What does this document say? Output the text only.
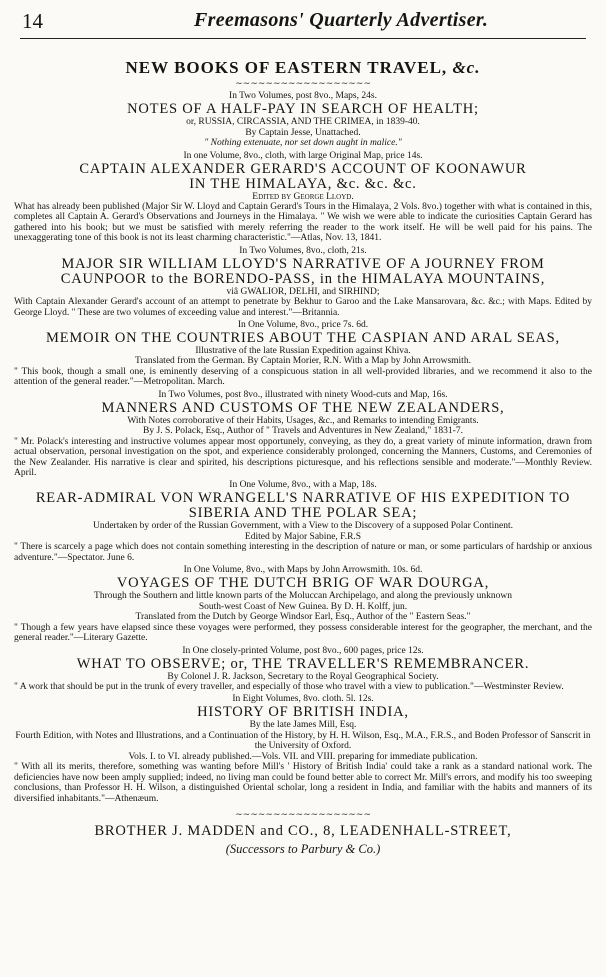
14	Freemasons' Quarterly Advertiser.
NEW BOOKS OF EASTERN TRAVEL, &c.
∼∼∼∼∼∼∼∼∼∼∼∼∼∼∼∼∼∼
In Two Volumes, post 8vo., Maps, 24s.
NOTES OF A HALF-PAY IN SEARCH OF HEALTH;
or, RUSSIA, CIRCASSIA, AND THE CRIMEA, in 1839-40.
By Captain Jesse, Unattached.
" Nothing extenuate, nor set down aught in malice."
In one Volume, 8vo., cloth, with large Original Map, price 14s.
CAPTAIN ALEXANDER GERARD'S ACCOUNT OF KOONAWUR
IN THE HIMALAYA, &c. &c. &c.
Edited by George Lloyd.
What has already been published (Major Sir W. Lloyd and Captain Gerard's Tours in the Himalaya, 2 Vols. 8vo.) together with what is contained in this, completes all Captain A. Gerard's Observations and Journeys in the Himalaya. " We wish we were able to indicate the curiosities Captain Gerard has gathered into his book; but we must be satisfied with merely referring the reader to the work itself. He will be well paid for his pains. The unexaggerating tone of this book is not its least charming characteristic."—Atlas, Nov. 13, 1841.
In Two Volumes, 8vo., cloth, 21s.
MAJOR SIR WILLIAM LLOYD'S NARRATIVE OF A JOURNEY FROM
CAUNPOOR to the BORENDO-PASS, in the HIMALAYA MOUNTAINS,
viâ GWALIOR, DELHI, and SIRHIND;
With Captain Alexander Gerard's account of an attempt to penetrate by Bekhur to Garoo and the Lake Mansarovara, &c. &c.; with Maps. Edited by George Lloyd. " These are two volumes of exceeding value and interest."—Britannia.
In One Volume, 8vo., price 7s. 6d.
MEMOIR ON THE COUNTRIES ABOUT THE CASPIAN AND ARAL SEAS,
Illustrative of the late Russian Expedition against Khiva.
Translated from the German. By Captain Morier, R.N. With a Map by John Arrowsmith.
" This book, though a small one, is eminently deserving of a conspicuous station in all well-provided libraries, and we recommend it also to the attention of the general reader."—Metropolitan. March.
In Two Volumes, post 8vo., illustrated with ninety Wood-cuts and Map, 16s.
MANNERS AND CUSTOMS OF THE NEW ZEALANDERS,
With Notes corroborative of their Habits, Usages, &c., and Remarks to intending Emigrants.
By J. S. Polack, Esq., Author of " Travels and Adventures in New Zealand," 1831-7.
" Mr. Polack's interesting and instructive volumes appear most opportunely, conveying, as they do, a great variety of minute information, drawn from actual observation, personal investigation on the spot, and experience considerably prolonged, concerning the Manners, Customs, and Ceremonies of the New Zealander. His narrative is clear and spirited, his descriptions picturesque, and his reflections sensible and moderate."—Monthly Review. April.
In One Volume, 8vo., with a Map, 18s.
REAR-ADMIRAL VON WRANGELL'S NARRATIVE OF HIS EXPEDITION TO
SIBERIA AND THE POLAR SEA;
Undertaken by order of the Russian Government, with a View to the Discovery of a supposed Polar Continent.
Edited by Major Sabine, F.R.S
" There is scarcely a page which does not contain something interesting in the description of nature or man, or some particulars of hardship or anxious adventure."—Spectator. June 6.
In One Volume, 8vo., with Maps by John Arrowsmith. 10s. 6d.
VOYAGES OF THE DUTCH BRIG OF WAR DOURGA,
Through the Southern and little known parts of the Moluccan Archipelago, and along the previously unknown
South-west Coast of New Guinea. By D. H. Kolff, jun.
Translated from the Dutch by George Windsor Earl, Esq., Author of the " Eastern Seas."
" Though a few years have elapsed since these voyages were performed, they possess considerable interest for the geographer, the merchant, and the general reader."—Literary Gazette.
In One closely-printed Volume, post 8vo., 600 pages, price 12s.
WHAT TO OBSERVE; or, THE TRAVELLER'S REMEMBRANCER.
By Colonel J. R. Jackson, Secretary to the Royal Geographical Society.
" A work that should be put in the trunk of every traveller, and especially of those who travel with a view to publication."—Westminster Review.
In Eight Volumes, 8vo. cloth. 5l. 12s.
HISTORY OF BRITISH INDIA,
By the late James Mill, Esq.
Fourth Edition, with Notes and Illustrations, and a Continuation of the History, by H. H. Wilson, Esq., M.A., F.R.S., and Boden Professor of Sanscrit in the University of Oxford.
Vols. I. to VI. already published.—Vols. VII. and VIII. preparing for immediate publication.
" With all its merits, therefore, something was wanting before Mill's ' History of British India' could take a rank as a standard national work. The deficiencies have now been amply supplied; indeed, no living man could be found better able to correct Mr. Mill's errors, and modify his too sweeping conclusions, than Professor H. H. Wilson, a distinguished Oriental scholar, long a resident in India, and familiar with the habits and manners of its diversified inhabitants."—Athenæum.
∼∼∼∼∼∼∼∼∼∼∼∼∼∼∼∼∼∼
BROTHER J. MADDEN and CO., 8, LEADENHALL-STREET,
(Successors to Parbury & Co.)
